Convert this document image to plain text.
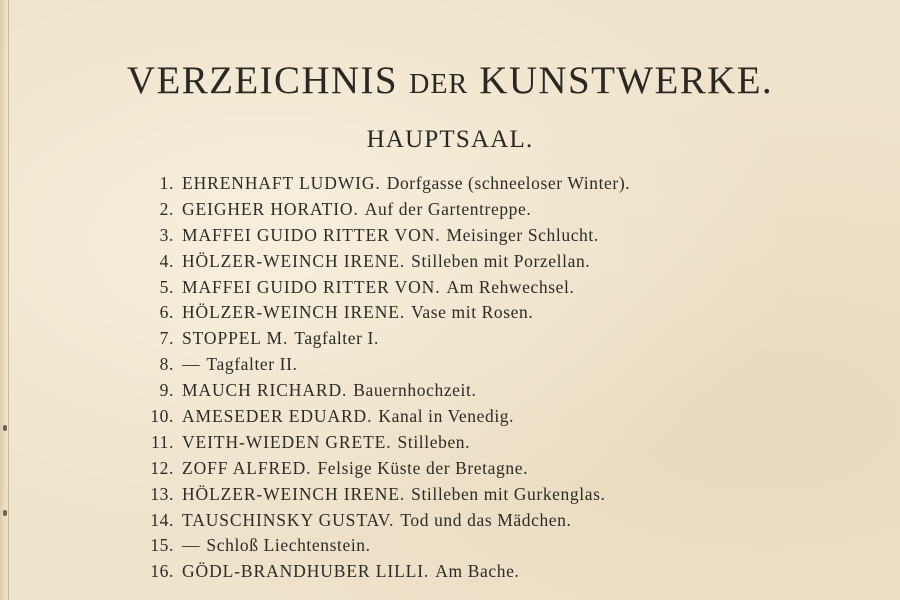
VERZEICHNIS DER KUNSTWERKE.
HAUPTSAAL.
1. EHRENHAFT LUDWIG. Dorfgasse (schneeloser Winter).
2. GEIGHER HORATIO. Auf der Gartentreppe.
3. MAFFEI GUIDO RITTER VON. Meisinger Schlucht.
4. HÖLZER-WEINCH IRENE. Stilleben mit Porzellan.
5. MAFFEI GUIDO RITTER VON. Am Rehwechsel.
6. HÖLZER-WEINCH IRENE. Vase mit Rosen.
7. STOPPEL M. Tagfalter I.
8. — Tagfalter II.
9. MAUCH RICHARD. Bauernhochzeit.
10. AMESEDER EDUARD. Kanal in Venedig.
11. VEITH-WIEDEN GRETE. Stilleben.
12. ZOFF ALFRED. Felsige Küste der Bretagne.
13. HÖLZER-WEINCH IRENE. Stilleben mit Gurkenglas.
14. TAUSCHINSKY GUSTAV. Tod und das Mädchen.
15. — Schloß Liechtenstein.
16. GÖDL-BRANDHUBER LILLI. Am Bache.
